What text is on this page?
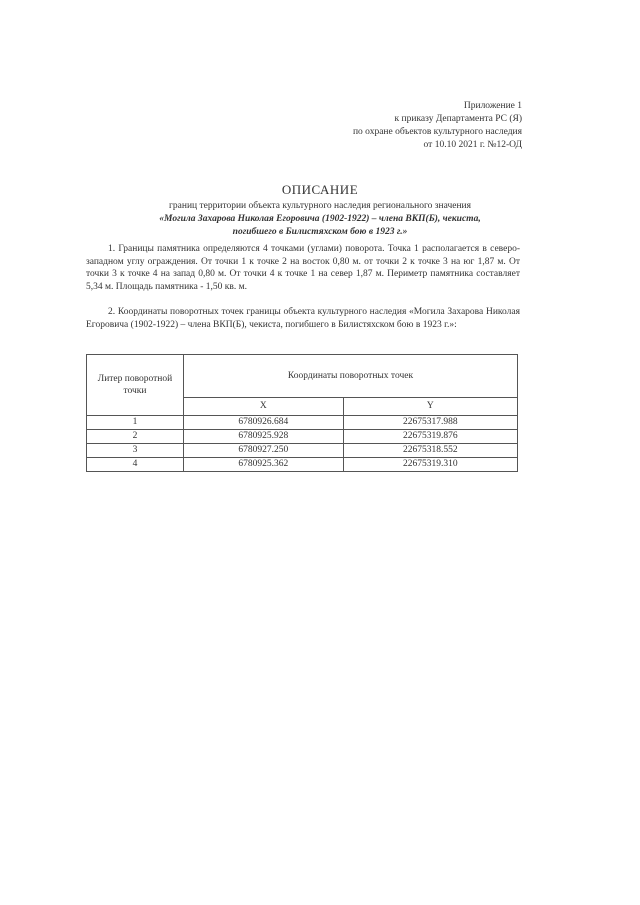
Приложение 1
к приказу Департамента РС (Я)
по охране объектов культурного наследия
от 10.10 2021 г. №12-ОД
ОПИСАНИЕ
границ территории объекта культурного наследия регионального значения
«Могила Захарова Николая Егоровича (1902-1922) – члена ВКП(Б), чекиста,
погибшего в Билистяхском бою в 1923 г.»
1. Границы памятника определяются 4 точками (углами) поворота. Точка 1 располагается в северо-западном углу ограждения. От точки 1 к точке 2 на восток 0,80 м. от точки 2 к точке 3 на юг 1,87 м. От точки 3 к точке 4 на запад 0,80 м. От точки 4 к точке 1 на север 1,87 м. Периметр памятника составляет 5,34 м. Площадь памятника - 1,50 кв. м.
2. Координаты поворотных точек границы объекта культурного наследия «Могила Захарова Николая Егоровича (1902-1922) – члена ВКП(Б), чекиста, погибшего в Билистяхском бою в 1923 г.»:
Литер поворотной точки	Координаты поворотных точек	
	X	Y
1	6780926.684	22675317.988
2	6780925.928	22675319.876
3	6780927.250	22675318.552
4	6780925.362	22675319.310
